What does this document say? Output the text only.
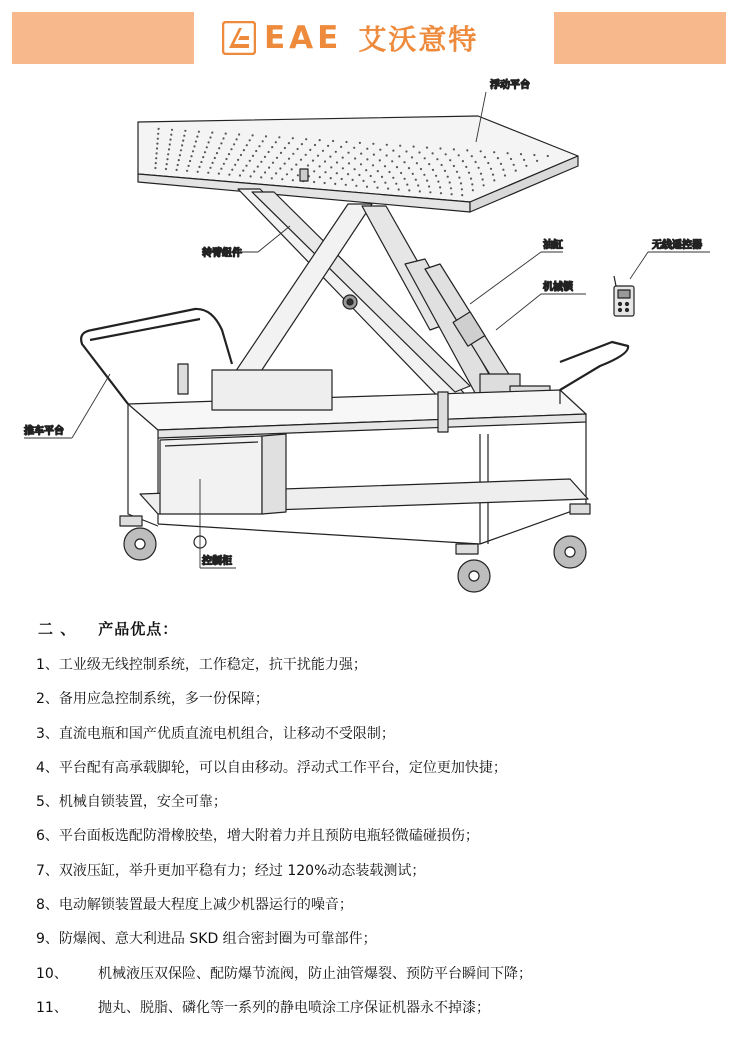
EAE 艾沃意特
浮动平台
转臂组件
油缸
机械锁
无线遥控器
推车平台
控制柜
二 、 产品优点：
1、工业级无线控制系统，工作稳定，抗干扰能力强；
2、备用应急控制系统，多一份保障；
3、直流电瓶和国产优质直流电机组合，让移动不受限制；
4、平台配有高承载脚轮，可以自由移动。浮动式工作平台，定位更加快捷；
5、机械自锁装置，安全可靠；
6、平台面板选配防滑橡胶垫，增大附着力并且预防电瓶轻微磕碰损伤；
7、双液压缸，举升更加平稳有力；经过 120%动态装载测试；
8、电动解锁装置最大程度上减少机器运行的噪音；
9、防爆阀、意大利进品 SKD 组合密封圈为可靠部件；
10、 机械液压双保险、配防爆节流阀，防止油管爆裂、预防平台瞬间下降；
11、 抛丸、脱脂、磷化等一系列的静电喷涂工序保证机器永不掉漆；
